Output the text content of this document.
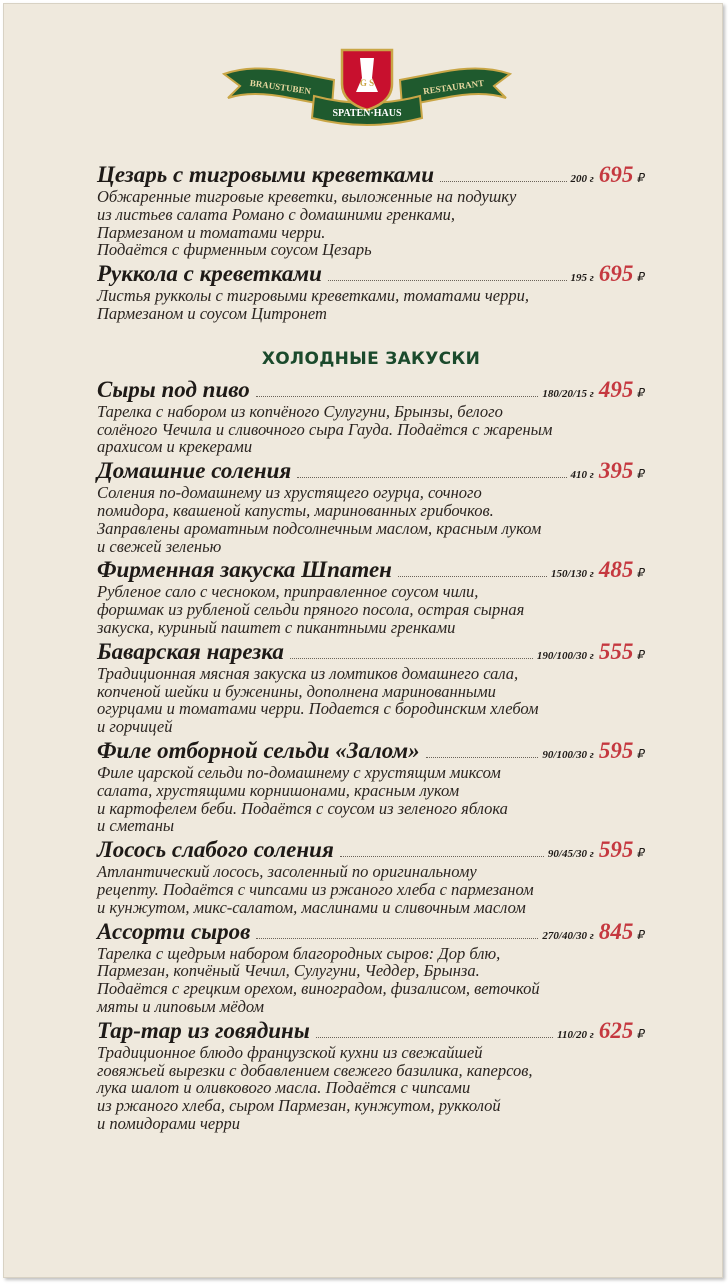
G S
BRAUSTUBEN	RESTAURANT
SPATEN·HAUS
Цезарь с тигровыми креветками	200 г 695 ₽
Обжаренные тигровые креветки, выложенные на подушку
из листьев салата Романо с домашними гренками,
Пармезаном и томатами черри.
Подаётся с фирменным соусом Цезарь
Руккола с креветками	195 г 695 ₽
Листья рукколы с тигровыми креветками, томатами черри,
Пармезаном и соусом Цитронет
ХОЛОДНЫЕ ЗАКУСКИ
Сыры под пиво	180/20/15 г 495 ₽
Тарелка с набором из копчёного Сулугуни, Брынзы, белого
солёного Чечила и сливочного сыра Гауда. Подаётся с жареным
арахисом и крекерами
Домашние соления	410 г 395 ₽
Соления по-домашнему из хрустящего огурца, сочного
помидора, квашеной капусты, маринованных грибочков.
Заправлены ароматным подсолнечным маслом, красным луком
и свежей зеленью
Фирменная закуска Шпатен	150/130 г 485 ₽
Рубленое сало с чесноком, приправленное соусом чили,
форшмак из рубленой сельди пряного посола, острая сырная
закуска, куриный паштет с пикантными гренками
Баварская нарезка	190/100/30 г 555 ₽
Традиционная мясная закуска из ломтиков домашнего сала,
копченой шейки и буженины, дополнена маринованными
огурцами и томатами черри. Подается с бородинским хлебом
и горчицей
Филе отборной сельди «Залом»	90/100/30 г 595 ₽
Филе царской сельди по-домашнему с хрустящим миксом
салата, хрустящими корнишонами, красным луком
и картофелем беби. Подаётся с соусом из зеленого яблока
и сметаны
Лосось слабого соления	90/45/30 г 595 ₽
Атлантический лосось, засоленный по оригинальному
рецепту. Подаётся с чипсами из ржаного хлеба с пармезаном
и кунжутом, микс-салатом, маслинами и сливочным маслом
Ассорти сыров	270/40/30 г 845 ₽
Тарелка с щедрым набором благородных сыров: Дор блю,
Пармезан, копчёный Чечил, Сулугуни, Чеддер, Брынза.
Подаётся с грецким орехом, виноградом, физалисом, веточкой
мяты и липовым мёдом
Тар-тар из говядины	110/20 г 625 ₽
Традиционное блюдо французской кухни из свежайшей
говяжьей вырезки с добавлением свежего базилика, каперсов,
лука шалот и оливкового масла. Подаётся с чипсами
из ржаного хлеба, сыром Пармезан, кунжутом, рукколой
и помидорами черри
